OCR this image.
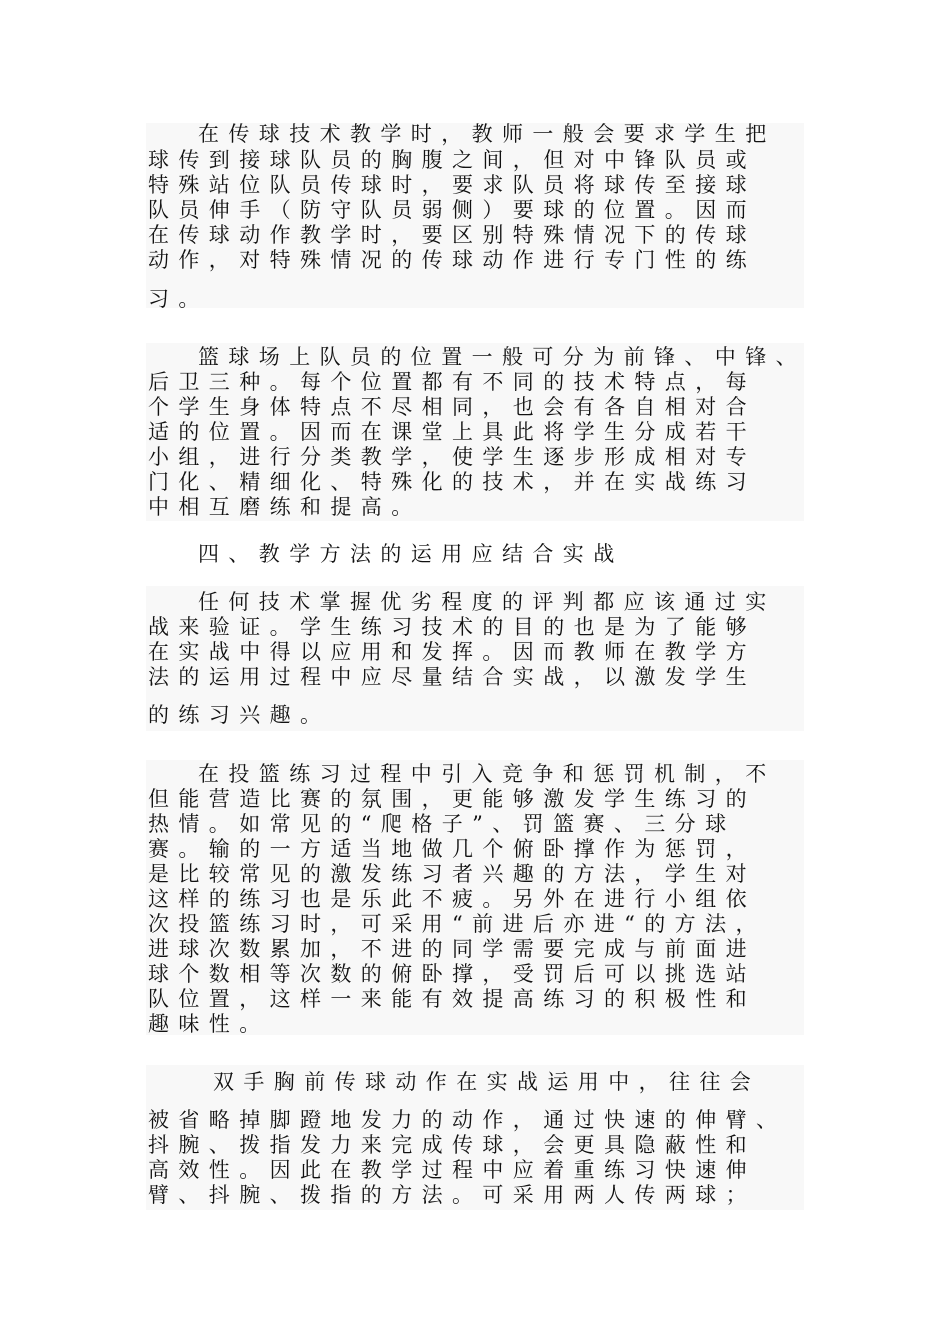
在传球技术教学时，教师一般会要求学生把
球传到接球队员的胸腹之间，但对中锋队员或
特殊站位队员传球时，要求队员将球传至接球
队员伸手（防守队员弱侧）要球的位置。因而
在传球动作教学时，要区别特殊情况下的传球
动作，对特殊情况的传球动作进行专门性的练
习。
篮球场上队员的位置一般可分为前锋、中锋、
后卫三种。每个位置都有不同的技术特点，每
个学生身体特点不尽相同，也会有各自相对合
适的位置。因而在课堂上具此将学生分成若干
小组，进行分类教学，使学生逐步形成相对专
门化、精细化、特殊化的技术，并在实战练习
中相互磨练和提高。
四、教学方法的运用应结合实战
任何技术掌握优劣程度的评判都应该通过实
战来验证。学生练习技术的目的也是为了能够
在实战中得以应用和发挥。因而教师在教学方
法的运用过程中应尽量结合实战，以激发学生
的练习兴趣。
在投篮练习过程中引入竞争和惩罚机制，不
但能营造比赛的氛围，更能够激发学生练习的
热情。如常见的“爬格子”、罚篮赛、三分球
赛。输的一方适当地做几个俯卧撑作为惩罚，
是比较常见的激发练习者兴趣的方法，学生对
这样的练习也是乐此不疲。另外在进行小组依
次投篮练习时，可采用“前进后亦进“的方法，
进球次数累加，不进的同学需要完成与前面进
球个数相等次数的俯卧撑，受罚后可以挑选站
队位置，这样一来能有效提高练习的积极性和
趣味性。
双手胸前传球动作在实战运用中，往往会
被省略掉脚蹬地发力的动作，通过快速的伸臂、
抖腕、拨指发力来完成传球，会更具隐蔽性和
高效性。因此在教学过程中应着重练习快速伸
臂、抖腕、拨指的方法。可采用两人传两球；
